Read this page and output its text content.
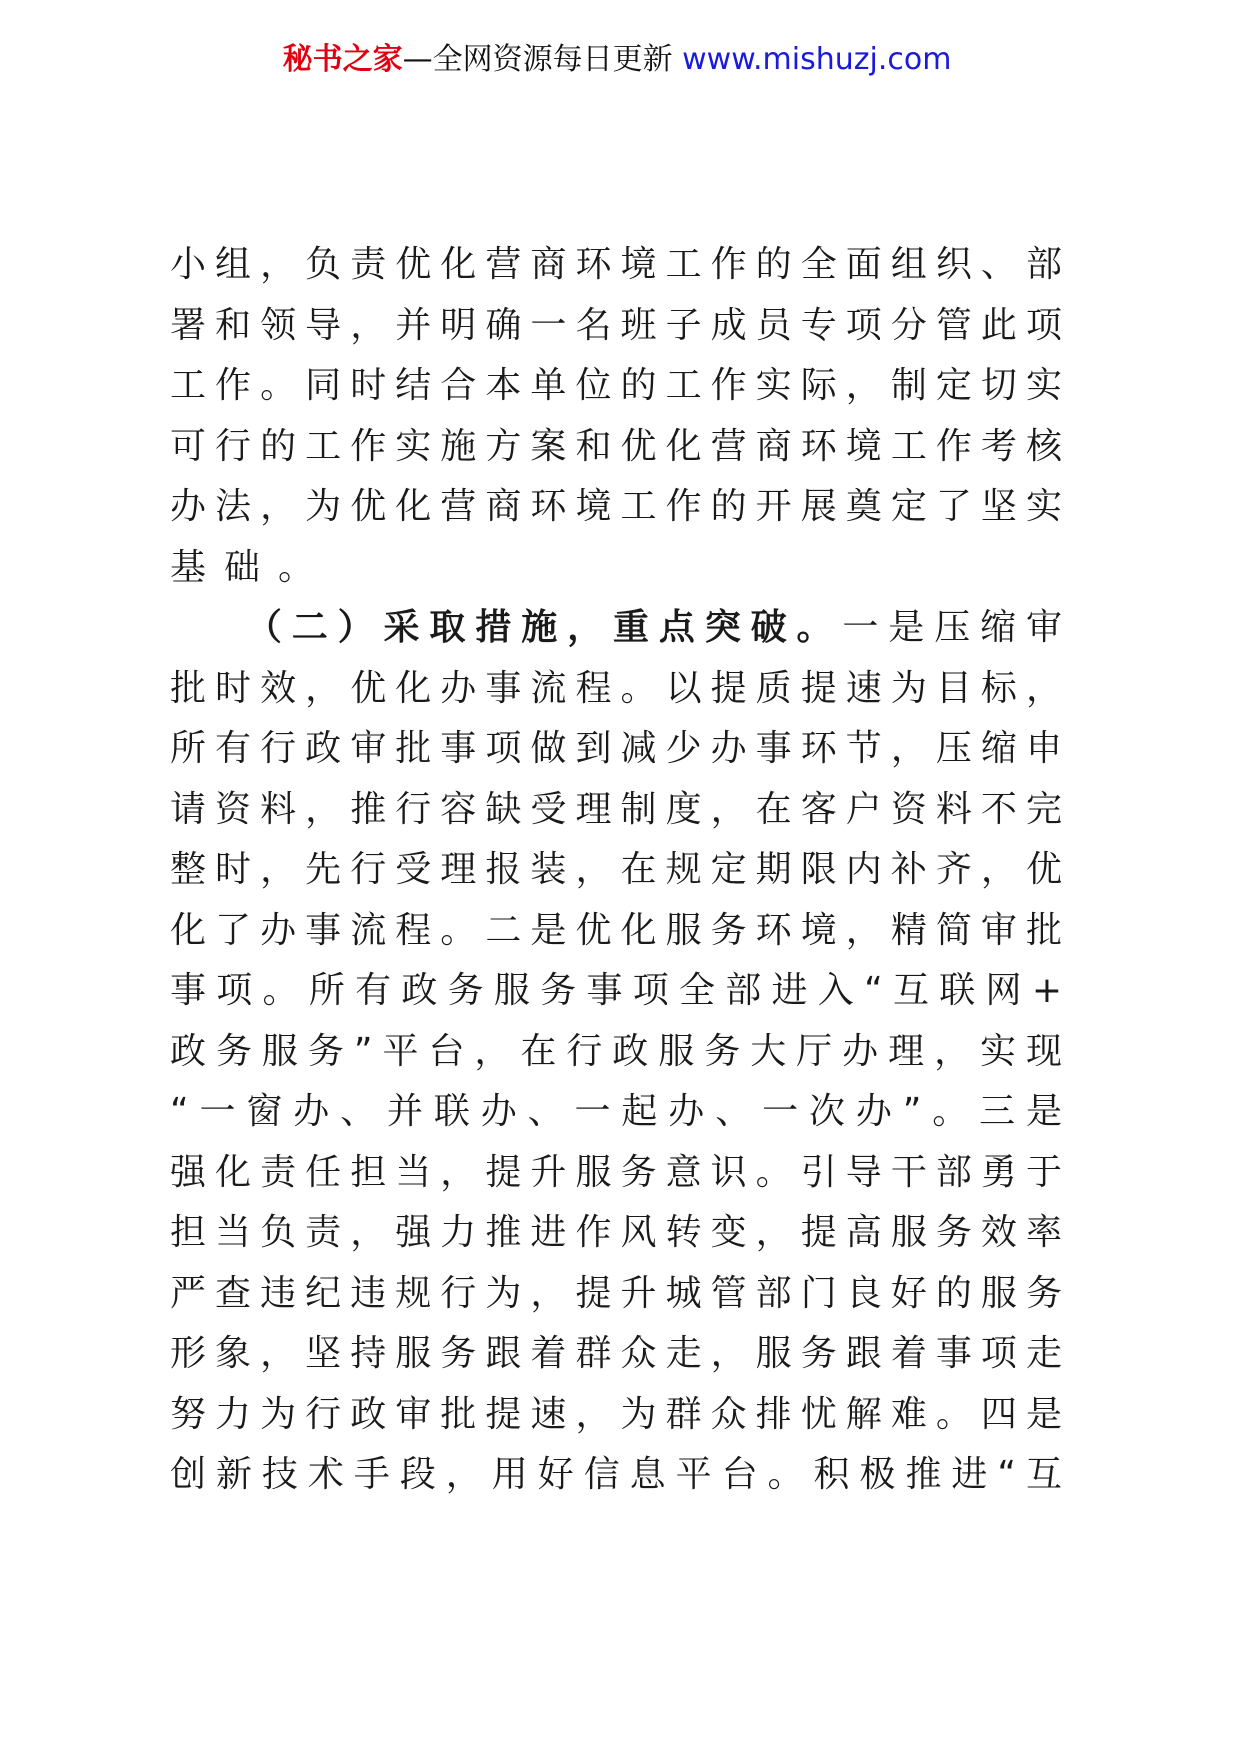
秘书之家—全网资源每日更新 www.mishuzj.com
小组，负责优化营商环境工作的全面组织、部
署和领导，并明确一名班子成员专项分管此项
工作。同时结合本单位的工作实际，制定切实
可行的工作实施方案和优化营商环境工作考核
办法，为优化营商环境工作的开展奠定了坚实
基础。
（二）采取措施，重点突破。一是压缩审
批时效，优化办事流程。以提质提速为目标，
所有行政审批事项做到减少办事环节，压缩申
请资料，推行容缺受理制度，在客户资料不完
整时，先行受理报装，在规定期限内补齐，优
化了办事流程。二是优化服务环境，精简审批
事项。所有政务服务事项全部进入“互联网+
政务服务”平台，在行政服务大厅办理，实现
“一窗办、并联办、一起办、一次办”。三是
强化责任担当，提升服务意识。引导干部勇于
担当负责，强力推进作风转变，提高服务效率
严查违纪违规行为，提升城管部门良好的服务
形象，坚持服务跟着群众走，服务跟着事项走
努力为行政审批提速，为群众排忧解难。四是
创新技术手段，用好信息平台。积极推进“互
